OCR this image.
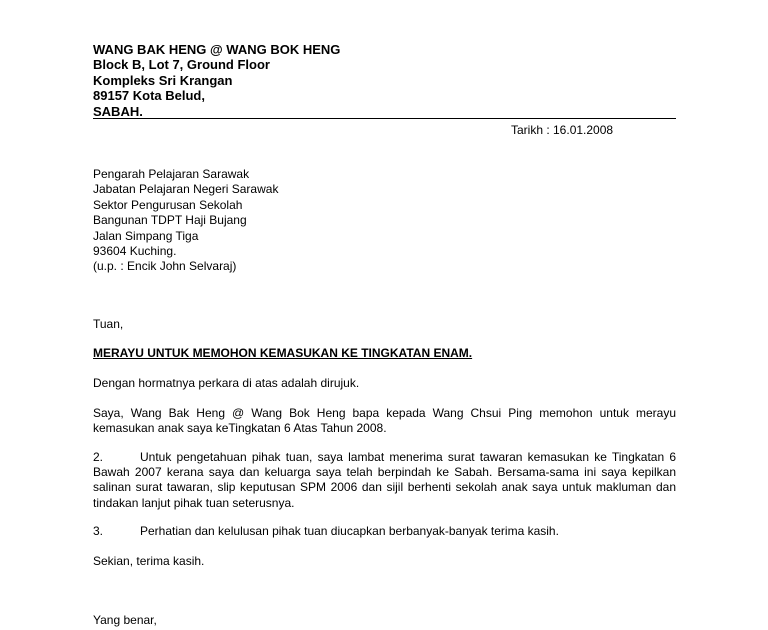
WANG BAK HENG @ WANG BOK HENG
Block B, Lot 7, Ground Floor
Kompleks Sri Krangan
89157 Kota Belud,
SABAH.
Tarikh : 16.01.2008
Pengarah Pelajaran Sarawak
Jabatan Pelajaran Negeri Sarawak
Sektor Pengurusan Sekolah
Bangunan TDPT Haji Bujang
Jalan Simpang Tiga
93604 Kuching.
(u.p. : Encik John Selvaraj)
Tuan,
MERAYU UNTUK MEMOHON KEMASUKAN KE TINGKATAN ENAM.
Dengan hormatnya perkara di atas adalah dirujuk.
Saya, Wang Bak Heng @ Wang Bok Heng bapa kepada Wang Chsui Ping memohon untuk merayu kemasukan anak saya keTingkatan 6 Atas Tahun 2008.
2.	Untuk pengetahuan pihak tuan, saya lambat menerima surat tawaran kemasukan ke Tingkatan 6 Bawah 2007 kerana saya dan keluarga saya telah berpindah ke Sabah. Bersama-sama ini saya kepilkan salinan surat tawaran, slip keputusan SPM 2006 dan sijil berhenti sekolah anak saya untuk makluman dan tindakan lanjut pihak tuan seterusnya.
3.	Perhatian dan kelulusan pihak tuan diucapkan berbanyak-banyak terima kasih.
Sekian, terima kasih.
Yang benar,
